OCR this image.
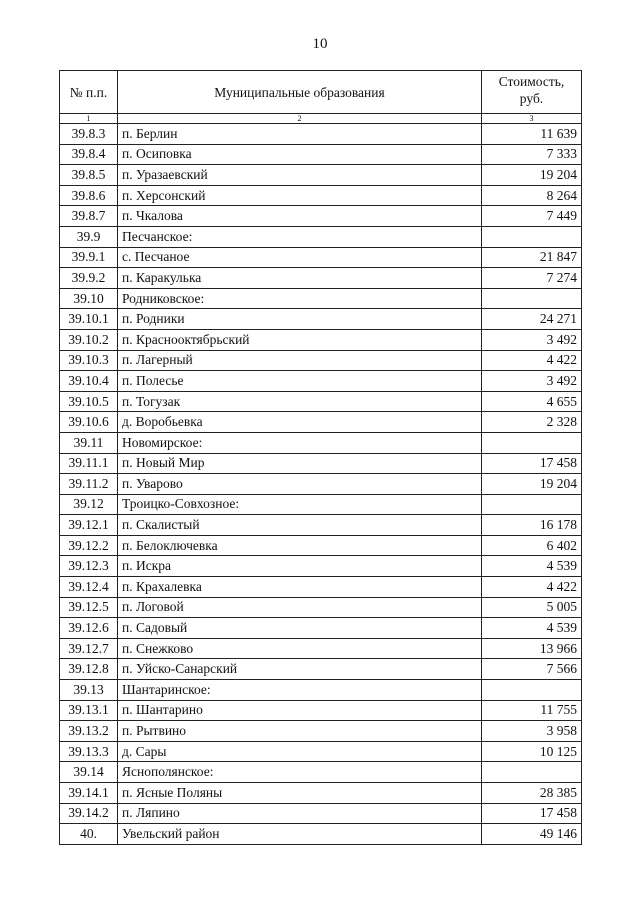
10
№ п.п.	Муниципальные образования	Стоимость,
руб.
1	2	3
39.8.3	п. Берлин	11 639
39.8.4	п. Осиповка	7 333
39.8.5	п. Уразаевский	19 204
39.8.6	п. Херсонский	8 264
39.8.7	п. Чкалова	7 449
39.9	Песчанское:	
39.9.1	с. Песчаное	21 847
39.9.2	п. Каракулька	7 274
39.10	Родниковское:	
39.10.1	п. Родники	24 271
39.10.2	п. Краснооктябрьский	3 492
39.10.3	п. Лагерный	4 422
39.10.4	п. Полесье	3 492
39.10.5	п. Тогузак	4 655
39.10.6	д. Воробьевка	2 328
39.11	Новомирское:	
39.11.1	п. Новый Мир	17 458
39.11.2	п. Уварово	19 204
39.12	Троицко-Совхозное:	
39.12.1	п. Скалистый	16 178
39.12.2	п. Белоключевка	6 402
39.12.3	п. Искра	4 539
39.12.4	п. Крахалевка	4 422
39.12.5	п. Логовой	5 005
39.12.6	п. Садовый	4 539
39.12.7	п. Снежково	13 966
39.12.8	п. Уйско-Санарский	7 566
39.13	Шантаринское:	
39.13.1	п. Шантарино	11 755
39.13.2	п. Рытвино	3 958
39.13.3	д. Сары	10 125
39.14	Яснополянское:	
39.14.1	п. Ясные Поляны	28 385
39.14.2	п. Ляпино	17 458
40.	Увельский район	49 146
